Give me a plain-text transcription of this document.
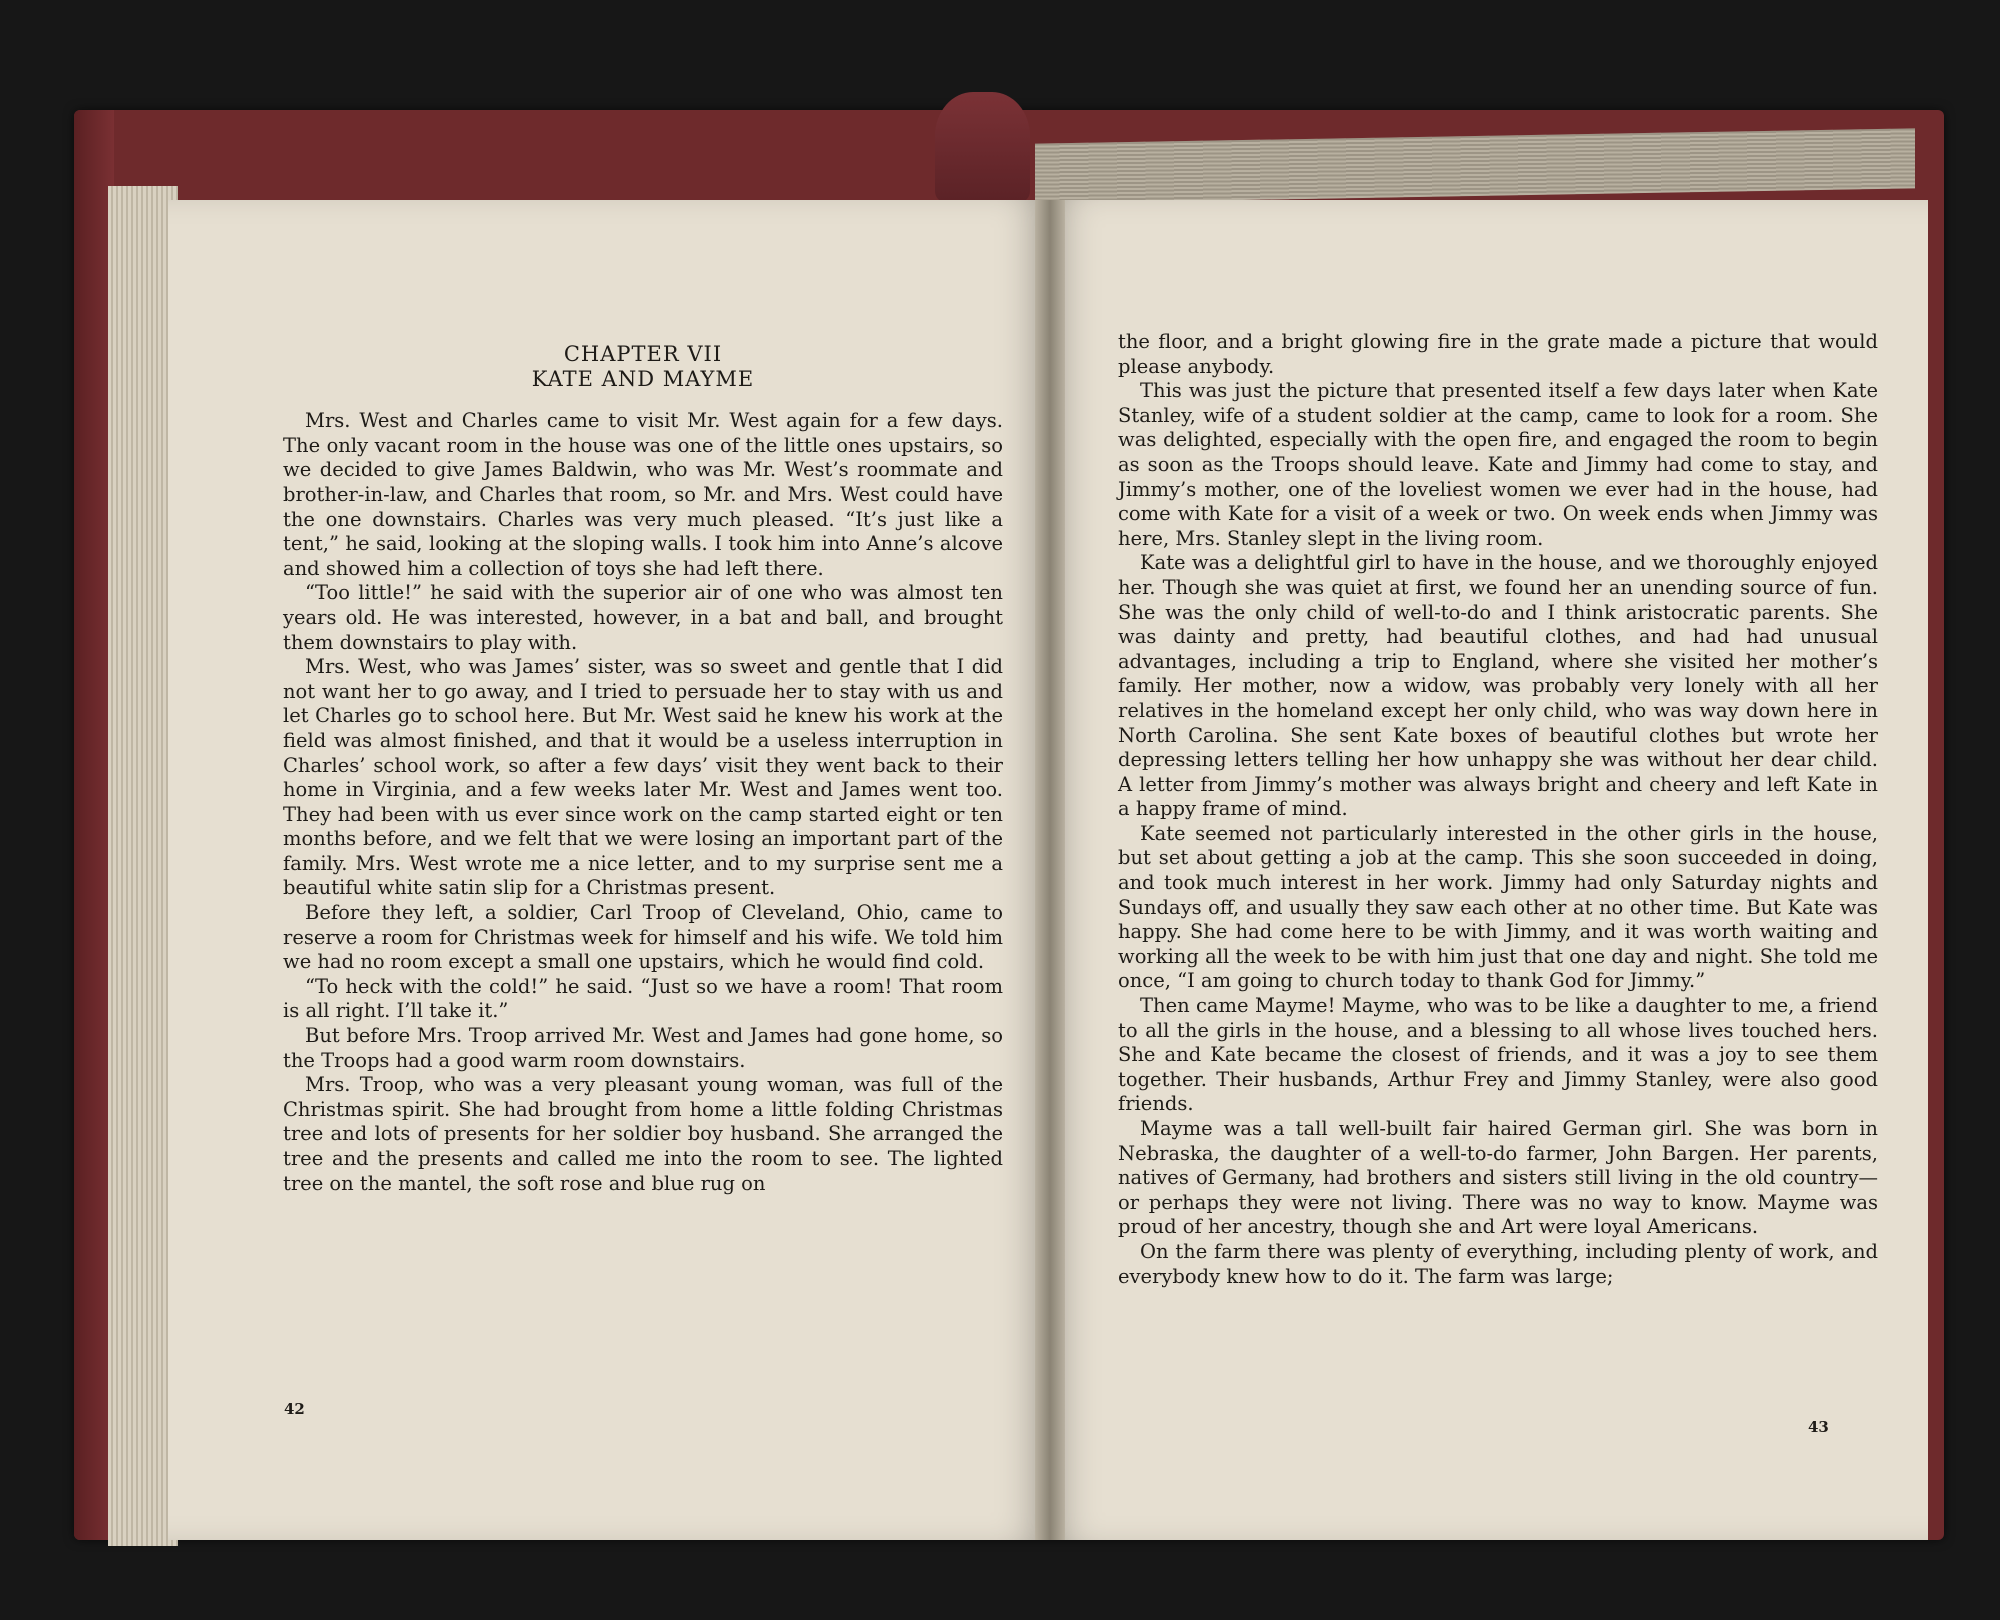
CHAPTER VII
KATE AND MAYME

Mrs. West and Charles came to visit Mr. West again for a few days. The only vacant room in the house was one of the little ones upstairs, so we decided to give James Baldwin, who was Mr. West’s roommate and brother-in-law, and Charles that room, so Mr. and Mrs. West could have the one downstairs. Charles was very much pleased. “It’s just like a tent,” he said, looking at the sloping walls. I took him into Anne’s alcove and showed him a collection of toys she had left there.

“Too little!” he said with the superior air of one who was almost ten years old. He was interested, however, in a bat and ball, and brought them downstairs to play with.

Mrs. West, who was James’ sister, was so sweet and gentle that I did not want her to go away, and I tried to persuade her to stay with us and let Charles go to school here. But Mr. West said he knew his work at the field was almost finished, and that it would be a useless interruption in Charles’ school work, so after a few days’ visit they went back to their home in Virginia, and a few weeks later Mr. West and James went too. They had been with us ever since work on the camp started eight or ten months before, and we felt that we were losing an important part of the family. Mrs. West wrote me a nice letter, and to my surprise sent me a beautiful white satin slip for a Christmas present.

Before they left, a soldier, Carl Troop of Cleveland, Ohio, came to reserve a room for Christmas week for himself and his wife. We told him we had no room except a small one upstairs, which he would find cold.

“To heck with the cold!” he said. “Just so we have a room! That room is all right. I’ll take it.”

But before Mrs. Troop arrived Mr. West and James had gone home, so the Troops had a good warm room downstairs.

Mrs. Troop, who was a very pleasant young woman, was full of the Christmas spirit. She had brought from home a little folding Christmas tree and lots of presents for her soldier boy husband. She arranged the tree and the presents and called me into the room to see. The lighted tree on the mantel, the soft rose and blue rug on

42

the floor, and a bright glowing fire in the grate made a picture that would please anybody.

This was just the picture that presented itself a few days later when Kate Stanley, wife of a student soldier at the camp, came to look for a room. She was delighted, especially with the open fire, and engaged the room to begin as soon as the Troops should leave. Kate and Jimmy had come to stay, and Jimmy’s mother, one of the loveliest women we ever had in the house, had come with Kate for a visit of a week or two. On week ends when Jimmy was here, Mrs. Stanley slept in the living room.

Kate was a delightful girl to have in the house, and we thoroughly enjoyed her. Though she was quiet at first, we found her an unending source of fun. She was the only child of well-to-do and I think aristocratic parents. She was dainty and pretty, had beautiful clothes, and had had unusual advantages, including a trip to England, where she visited her mother’s family. Her mother, now a widow, was probably very lonely with all her relatives in the homeland except her only child, who was way down here in North Carolina. She sent Kate boxes of beautiful clothes but wrote her depressing letters telling her how unhappy she was without her dear child. A letter from Jimmy’s mother was always bright and cheery and left Kate in a happy frame of mind.

Kate seemed not particularly interested in the other girls in the house, but set about getting a job at the camp. This she soon succeeded in doing, and took much interest in her work. Jimmy had only Saturday nights and Sundays off, and usually they saw each other at no other time. But Kate was happy. She had come here to be with Jimmy, and it was worth waiting and working all the week to be with him just that one day and night. She told me once, “I am going to church today to thank God for Jimmy.”

Then came Mayme! Mayme, who was to be like a daughter to me, a friend to all the girls in the house, and a blessing to all whose lives touched hers. She and Kate became the closest of friends, and it was a joy to see them together. Their husbands, Arthur Frey and Jimmy Stanley, were also good friends.

Mayme was a tall well-built fair haired German girl. She was born in Nebraska, the daughter of a well-to-do farmer, John Bargen. Her parents, natives of Germany, had brothers and sisters still living in the old country—or perhaps they were not living. There was no way to know. Mayme was proud of her ancestry, though she and Art were loyal Americans.

On the farm there was plenty of everything, including plenty of work, and everybody knew how to do it. The farm was large;

43
